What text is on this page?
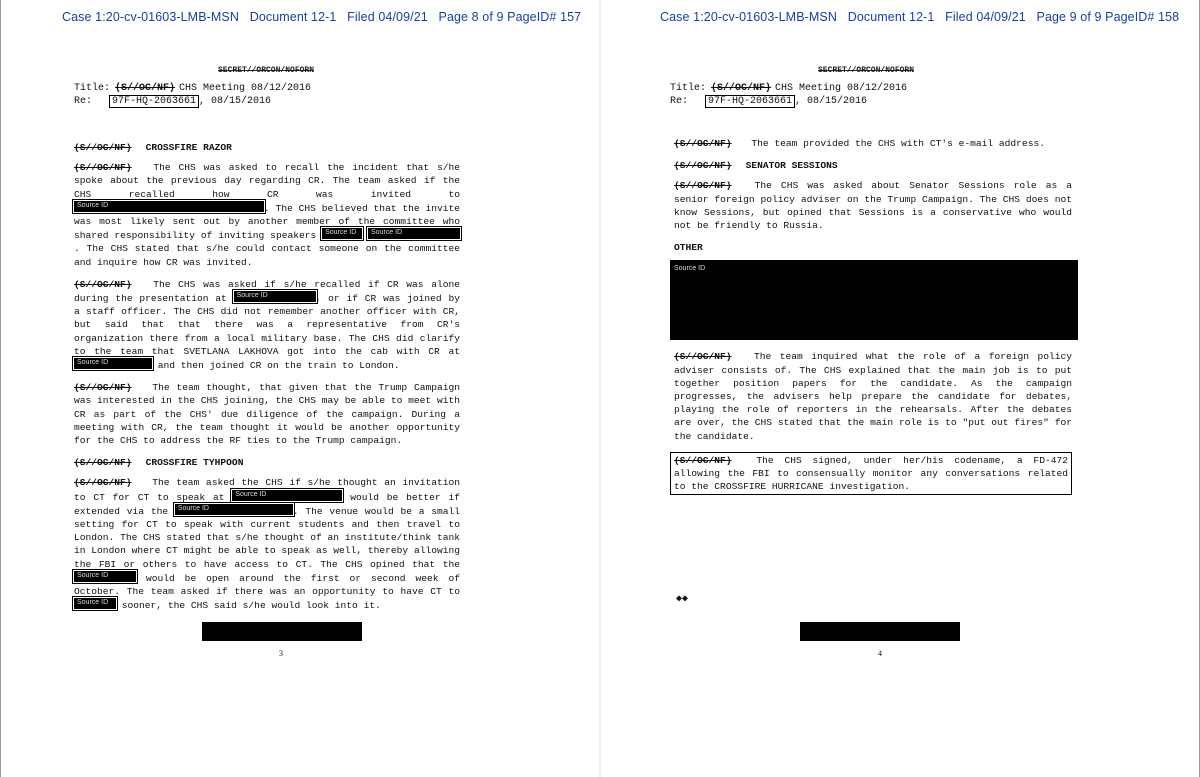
Case 1:20-cv-01603-LMB-MSN   Document 12-1   Filed 04/09/21   Page 8 of 9 PageID# 157
SECRET//ORCON/NOFORN
Title: (S//OC/NF) CHS Meeting 08/12/2016
Re: 97F-HQ-2063661 , 08/15/2016
(S//OC/NF) CROSSFIRE RAZOR
(S//OC/NF) The CHS was asked to recall the incident that s/he spoke about the previous day regarding CR. The team asked if the CHS recalled how CR was invited to Source ID	. The CHS believed that the invite was most likely sent out by another member of the committee who shared responsibility of inviting speakers Source ID Source ID. The CHS stated that s/he could contact someone on the committee and inquire how CR was invited.
(S//OC/NF) The CHS was asked if s/he recalled if CR was alone during the presentation at Source ID	, or if CR was joined by a staff officer. The CHS did not remember another officer with CR, but said that that there was a representative from CR's organization there from a local military base. The CHS did clarify to the team that SVETLANA LAKHOVA got into the cab with CR at Source ID	and then joined CR on the train to London.
(S//OC/NF) The team thought, that given that the Trump Campaign was interested in the CHS joining, the CHS may be able to meet with CR as part of the CHS' due diligence of the campaign. During a meeting with CR, the team thought it would be another opportunity for the CHS to address the RF ties to the Trump campaign.
(S//OC/NF) CROSSFIRE TYHPOON
(S//OC/NF) The team asked the CHS if s/he thought an invitation to CT for CT to speak at Source ID	would be better if extended via the Source ID	. The venue would be a small setting for CT to speak with current students and then travel to London. The CHS stated that s/he thought of an institute/think tank in London where CT might be able to speak as well, thereby allowing the FBI or others to have access to CT. The CHS opined that the Source ID	would be open around the first or second week of October. The team asked if there was an opportunity to have CT to Source ID sooner, the CHS said s/he would look into it.
3
Case 1:20-cv-01603-LMB-MSN   Document 12-1   Filed 04/09/21   Page 9 of 9 PageID# 158
SECRET//ORCON/NOFORN
Title: (S//OC/NF) CHS Meeting 08/12/2016
Re: 97F-HQ-2063661 , 08/15/2016
(S//OC/NF) The team provided the CHS with CT's e-mail address.
(S//OC/NF) SENATOR SESSIONS
(S//OC/NF) The CHS was asked about Senator Sessions role as a senior foreign policy adviser on the Trump Campaign. The CHS does not know Sessions, but opined that Sessions is a conservative who would not be friendly to Russia.
OTHER
Source ID
(S//OC/NF) The team inquired what the role of a foreign policy adviser consists of. The CHS explained that the main job is to put together position papers for the candidate. As the campaign progresses, the advisers help prepare the candidate for debates, playing the role of reporters in the rehearsals. After the debates are over, the CHS stated that the main role is to "put out fires" for the candidate.
(S//OC/NF)	The CHS signed, under her/his codename, a FD-472 allowing the FBI to consensually monitor any conversations related to the CROSSFIRE HURRICANE investigation.
◆◆
4
